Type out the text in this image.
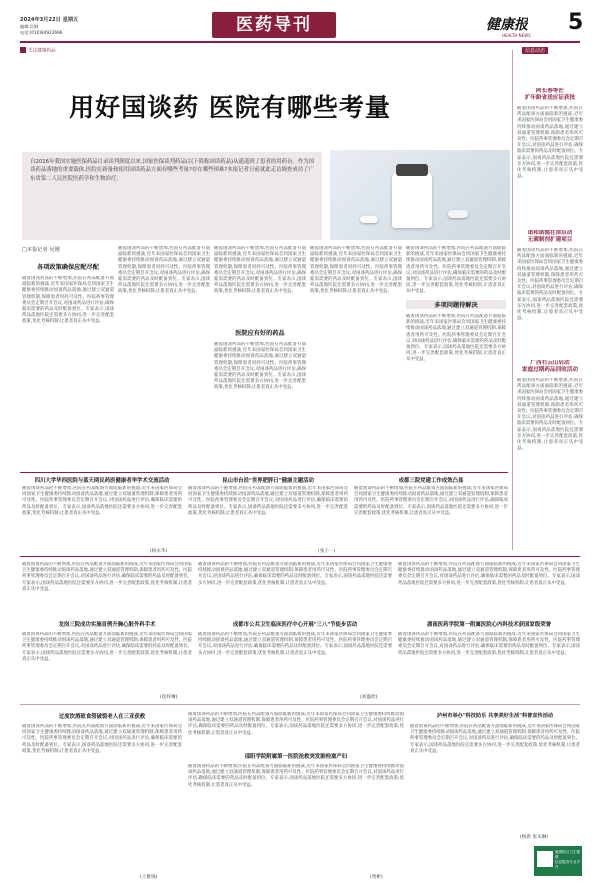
2024年3月22日 星期五
编辑:吴炯
电话:(010)84922696	医药导刊	健康报
HEALTH NEWS
5
关注健康药品	信息动态
用好国谈药 医院有哪些考量
自2016年我国实施医保药品目录谈判制度以来,国家医保谈判药品(以下简称国谈药品)从遥遥到了患者的用药台。作为国谈药品落地的重要载体,医院在新备和使用国谈药品方面有哪些考量?存在哪些困难?本报记者日前就此走访调查成功了广东省第二人民医院医药学和生物治疗。
阿长春等茫
扩年龄省送应证获批
随着国谈药品的不断增加,医院在药品配备方面面临新的挑战,近年来国家医保局会同国家卫生健康委持续推动国谈药品落地,通过建立双通道管理机制,保障患者用药可及性。医院药事管理委员会定期召开会议,对国谈药品进行评估,确保临床需要的药品及时配备到位。专家表示,国谈药品落地医院还需要多方协同,进一步完善配套政策,优化考核机制,让患者真正从中受益。
诺和诺德在津启动
无菌制剂扩建项目
随着国谈药品的不断增加,医院在药品配备方面面临新的挑战,近年来国家医保局会同国家卫生健康委持续推动国谈药品落地,通过建立双通道管理机制,保障患者用药可及性。医院药事管理委员会定期召开会议,对国谈药品进行评估,确保临床需要的药品及时配备到位。专家表示,国谈药品落地医院还需要多方协同,进一步完善配套政策,优化考核机制,让患者真正从中受益。
广西右云山启动
家庭过期药品回收活动
随着国谈药品的不断增加,医院在药品配备方面面临新的挑战,近年来国家医保局会同国家卫生健康委持续推动国谈药品落地,通过建立双通道管理机制,保障患者用药可及性。医院药事管理委员会定期召开会议,对国谈药品进行评估,确保临床需要的药品及时配备到位。专家表示,国谈药品落地医院还需要多方协同,进一步完善配套政策,优化考核机制,让患者真正从中受益。
□本报记者 吴刚
各项政策确保应配尽配
随着国谈药品的不断增加,医院在药品配备方面面临新的挑战,近年来国家医保局会同国家卫生健康委持续推动国谈药品落地,通过建立双通道管理机制,保障患者用药可及性。医院药事管理委员会定期召开会议,对国谈药品进行评估,确保临床需要的药品及时配备到位。专家表示,国谈药品落地医院还需要多方协同,进一步完善配套政策,优化考核机制,让患者真正从中受益。
随着国谈药品的不断增加,医院在药品配备方面面临新的挑战,近年来国家医保局会同国家卫生健康委持续推动国谈药品落地,通过建立双通道管理机制,保障患者用药可及性。医院药事管理委员会定期召开会议,对国谈药品进行评估,确保临床需要的药品及时配备到位。专家表示,国谈药品落地医院还需要多方协同,进一步完善配套政策,优化考核机制,让患者真正从中受益。
医院应有好的药品
随着国谈药品的不断增加,医院在药品配备方面面临新的挑战,近年来国家医保局会同国家卫生健康委持续推动国谈药品落地,通过建立双通道管理机制,保障患者用药可及性。医院药事管理委员会定期召开会议,对国谈药品进行评估,确保临床需要的药品及时配备到位。专家表示,国谈药品落地医院还需要多方协同,进一步完善配套政策,优化考核机制,让患者真正从中受益。
随着国谈药品的不断增加,医院在药品配备方面面临新的挑战,近年来国家医保局会同国家卫生健康委持续推动国谈药品落地,通过建立双通道管理机制,保障患者用药可及性。医院药事管理委员会定期召开会议,对国谈药品进行评估,确保临床需要的药品及时配备到位。专家表示,国谈药品落地医院还需要多方协同,进一步完善配套政策,优化考核机制,让患者真正从中受益。
随着国谈药品的不断增加,医院在药品配备方面面临新的挑战,近年来国家医保局会同国家卫生健康委持续推动国谈药品落地,通过建立双通道管理机制,保障患者用药可及性。医院药事管理委员会定期召开会议,对国谈药品进行评估,确保临床需要的药品及时配备到位。专家表示,国谈药品落地医院还需要多方协同,进一步完善配套政策,优化考核机制,让患者真正从中受益。
多项问题待解决
随着国谈药品的不断增加,医院在药品配备方面面临新的挑战,近年来国家医保局会同国家卫生健康委持续推动国谈药品落地,通过建立双通道管理机制,保障患者用药可及性。医院药事管理委员会定期召开会议,对国谈药品进行评估,确保临床需要的药品及时配备到位。专家表示,国谈药品落地医院还需要多方协同,进一步完善配套政策,优化考核机制,让患者真正从中受益。
随着国谈药品的不断增加,医院在药品配备方面面临新的挑战,近年来国家医保局会同国家卫生健康委持续推动国谈药品落地,通过建立双通道管理机制,保障患者用药可及性。医院药事管理委员会定期召开会议,对国谈药品进行评估,确保临床需要的药品及时配备到位。专家表示,国谈药品落地医院还需要多方协同,进一步完善配套政策,优化考核机制,让患者真正从中受益。
四川大学华西医院与蓝天网民药医健康者华学术交流活动
随着国谈药品的不断增加,医院在药品配备方面面临新的挑战,近年来国家医保局会同国家卫生健康委持续推动国谈药品落地,通过建立双通道管理机制,保障患者用药可及性。医院药事管理委员会定期召开会议,对国谈药品进行评估,确保临床需要的药品及时配备到位。专家表示,国谈药品落地医院还需要多方协同,进一步完善配套政策,优化考核机制,让患者真正从中受益。
(杨永华)
昆山市台沿"世界肥胖日"健康主题活动
随着国谈药品的不断增加,医院在药品配备方面面临新的挑战,近年来国家医保局会同国家卫生健康委持续推动国谈药品落地,通过建立双通道管理机制,保障患者用药可及性。医院药事管理委员会定期召开会议,对国谈药品进行评估,确保临床需要的药品及时配备到位。专家表示,国谈药品落地医院还需要多方协同,进一步完善配套政策,优化考核机制,让患者真正从中受益。
(张子一)
成都三院党建工作成效凸显
随着国谈药品的不断增加,医院在药品配备方面面临新的挑战,近年来国家医保局会同国家卫生健康委持续推动国谈药品落地,通过建立双通道管理机制,保障患者用药可及性。医院药事管理委员会定期召开会议,对国谈药品进行评估,确保临床需要的药品及时配备到位。专家表示,国谈药品落地医院还需要多方协同,进一步完善配套政策,优化考核机制,让患者真正从中受益。
龙岗三院成功实施首例升胸心脏外科手术
随着国谈药品的不断增加,医院在药品配备方面面临新的挑战,近年来国家医保局会同国家卫生健康委持续推动国谈药品落地,通过建立双通道管理机制,保障患者用药可及性。医院药事管理委员会定期召开会议,对国谈药品进行评估,确保临床需要的药品及时配备到位。专家表示,国谈药品落地医院还需要多方协同,进一步完善配套政策,优化考核机制,让患者真正从中受益。
(崔梓琳)
成都市公共卫生临床医疗中心开展"三八"节徒步活动
随着国谈药品的不断增加,医院在药品配备方面面临新的挑战,近年来国家医保局会同国家卫生健康委持续推动国谈药品落地,通过建立双通道管理机制,保障患者用药可及性。医院药事管理委员会定期召开会议,对国谈药品进行评估,确保临床需要的药品及时配备到位。专家表示,国谈药品落地医院还需要多方协同,进一步完善配套政策,优化考核机制,让患者真正从中受益。
(刘盛欣)
湖南医药学院第一附属医院心内科技术获国家级荣誉
随着国谈药品的不断增加,医院在药品配备方面面临新的挑战,近年来国家医保局会同国家卫生健康委持续推动国谈药品落地,通过建立双通道管理机制,保障患者用药可及性。医院药事管理委员会定期召开会议,对国谈药品进行评估,确保临床需要的药品及时配备到位。专家表示,国谈药品落地医院还需要多方协同,进一步完善配套政策,优化考核机制,让患者真正从中受益。
随着国谈药品的不断增加,医院在药品配备方面面临新的挑战,近年来国家医保局会同国家卫生健康委持续推动国谈药品落地,通过建立双通道管理机制,保障患者用药可及性。医院药事管理委员会定期召开会议,对国谈药品进行评估,确保临床需要的药品及时配备到位。专家表示,国谈药品落地医院还需要多方协同,进一步完善配套政策,优化考核机制,让患者真正从中受益。
随着国谈药品的不断增加,医院在药品配备方面面临新的挑战,近年来国家医保局会同国家卫生健康委持续推动国谈药品落地,通过建立双通道管理机制,保障患者用药可及性。医院药事管理委员会定期召开会议,对国谈药品进行评估,确保临床需要的药品及时配备到位。专家表示,国谈药品落地医院还需要多方协同,进一步完善配套政策,优化考核机制,让患者真正从中受益。
随着国谈药品的不断增加,医院在药品配备方面面临新的挑战,近年来国家医保局会同国家卫生健康委持续推动国谈药品落地,通过建立双通道管理机制,保障患者用药可及性。医院药事管理委员会定期召开会议,对国谈药品进行评估,确保临床需要的药品及时配备到位。专家表示,国谈药品落地医院还需要多方协同,进一步完善配套政策,优化考核机制,让患者真正从中受益。
过度饮酒致食管破裂老人在三亚获救
随着国谈药品的不断增加,医院在药品配备方面面临新的挑战,近年来国家医保局会同国家卫生健康委持续推动国谈药品落地,通过建立双通道管理机制,保障患者用药可及性。医院药事管理委员会定期召开会议,对国谈药品进行评估,确保临床需要的药品及时配备到位。专家表示,国谈药品落地医院还需要多方协同,进一步完善配套政策,优化考核机制,让患者真正从中受益。
(王雅锦)
邵阳学院附属第一医院抢救突发肺栓塞产妇
随着国谈药品的不断增加,医院在药品配备方面面临新的挑战,近年来国家医保局会同国家卫生健康委持续推动国谈药品落地,通过建立双通道管理机制,保障患者用药可及性。医院药事管理委员会定期召开会议,对国谈药品进行评估,确保临床需要的药品及时配备到位。专家表示,国谈药品落地医院还需要多方协同,进一步完善配套政策,优化考核机制,让患者真正从中受益。
(黄彬)
随着国谈药品的不断增加,医院在药品配备方面面临新的挑战,近年来国家医保局会同国家卫生健康委持续推动国谈药品落地,通过建立双通道管理机制,保障患者用药可及性。医院药事管理委员会定期召开会议,对国谈药品进行评估,确保临床需要的药品及时配备到位。专家表示,国谈药品落地医院还需要多方协同,进一步完善配套政策,优化考核机制,让患者真正从中受益。
泸州市举办"科技助乐 共享美好生活"科普宣传活动
随着国谈药品的不断增加,医院在药品配备方面面临新的挑战,近年来国家医保局会同国家卫生健康委持续推动国谈药品落地,通过建立双通道管理机制,保障患者用药可及性。医院药事管理委员会定期召开会议,对国谈药品进行评估,确保临床需要的药品及时配备到位。专家表示,国谈药品落地医院还需要多方协同,进一步完善配套政策,优化考核机制,让患者真正从中受益。
(杨新 张永琳)
健康报社卫生健康
信息服务专业平台
